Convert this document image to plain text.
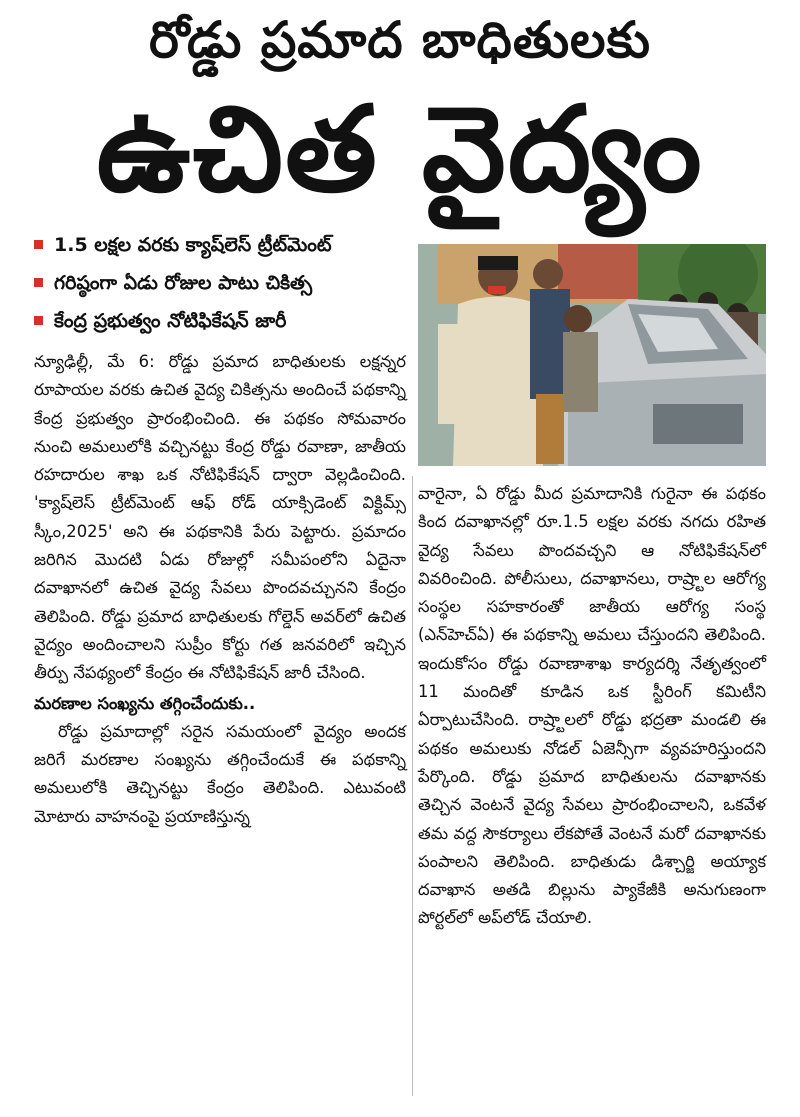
రోడ్డు ప్రమాద బాధితులకు
ఉచిత వైద్యం
1.5 లక్షల వరకు క్యాష్‌లెస్ ట్రీట్‌మెంట్
గరిష్ఠంగా ఏడు రోజుల పాటు చికిత్స
కేంద్ర ప్రభుత్వం నోటిఫికేషన్ జారీ

న్యూఢిల్లీ, మే 6: రోడ్డు ప్రమాద బాధితులకు లక్షన్నర రూపాయల వరకు ఉచిత వైద్య చికిత్సను అందించే పథకాన్ని కేంద్ర ప్రభుత్వం ప్రారంభించింది. ఈ పథకం సోమవారం నుంచి అమలులోకి వచ్చినట్టు కేంద్ర రోడ్డు రవాణా, జాతీయ రహదారుల శాఖ ఒక నోటిఫికేషన్ ద్వారా వెల్లడించింది. 'క్యాష్‌లెస్ ట్రీట్‌మెంట్ ఆఫ్ రోడ్ యాక్సిడెంట్ విక్టిమ్స్ స్కీం,2025' అని ఈ పథకానికి పేరు పెట్టారు. ప్రమాదం జరిగిన మొదటి ఏడు రోజుల్లో సమీపంలోని ఏదైనా దవాఖానలో ఉచిత వైద్య సేవలు పొందవచ్చునని కేంద్రం తెలిపింది. రోడ్డు ప్రమాద బాధితులకు గోల్డెన్ అవర్‌లో ఉచిత వైద్యం అందించాలని సుప్రీం కోర్టు గత జనవరిలో ఇచ్చిన తీర్పు నేపథ్యంలో కేంద్రం ఈ నోటిఫికేషన్ జారీ చేసింది.

మరణాల సంఖ్యను తగ్గించేందుకు..

రోడ్డు ప్రమాదాల్లో సరైన సమయంలో వైద్యం అందక జరిగే మరణాల సంఖ్యను తగ్గించేందుకే ఈ పథకాన్ని అమలులోకి తెచ్చినట్టు కేంద్రం తెలిపింది. ఎటువంటి మోటారు వాహనంపై ప్రయాణిస్తున్న

వారైనా, ఏ రోడ్డు మీద ప్రమాదానికి గురైనా ఈ పథకం కింద దవాఖానల్లో రూ.1.5 లక్షల వరకు నగదు రహిత వైద్య సేవలు పొందవచ్చని ఆ నోటిఫికేషన్‌లో వివరించింది. పోలీసులు, దవాఖానలు, రాష్ర్టాల ఆరోగ్య సంస్థల సహకారంతో జాతీయ ఆరోగ్య సంస్థ (ఎన్‌హెచ్‌ఏ) ఈ పథకాన్ని అమలు చేస్తుందని తెలిపింది. ఇందుకోసం రోడ్డు రవాణాశాఖ కార్యదర్శి నేతృత్వంలో 11 మందితో కూడిన ఒక స్టీరింగ్ కమిటీని ఏర్పాటుచేసింది. రాష్ర్టాలలో రోడ్డు భద్రతా మండలి ఈ పథకం అమలుకు నోడల్ ఏజెన్సీగా వ్యవహరిస్తుందని పేర్కొంది. రోడ్డు ప్రమాద బాధితులను దవాఖానకు తెచ్చిన వెంటనే వైద్య సేవలు ప్రారంభించాలని, ఒకవేళ తమ వద్ద సౌకర్యాలు లేకపోతే వెంటనే మరో దవాఖానకు పంపాలని తెలిపింది. బాధితుడు డిశ్చార్జి అయ్యాక దవాఖాన అతడి బిల్లును ప్యాకేజీకి అనుగుణంగా పోర్టల్‌లో అప్‌లోడ్ చేయాలి.
